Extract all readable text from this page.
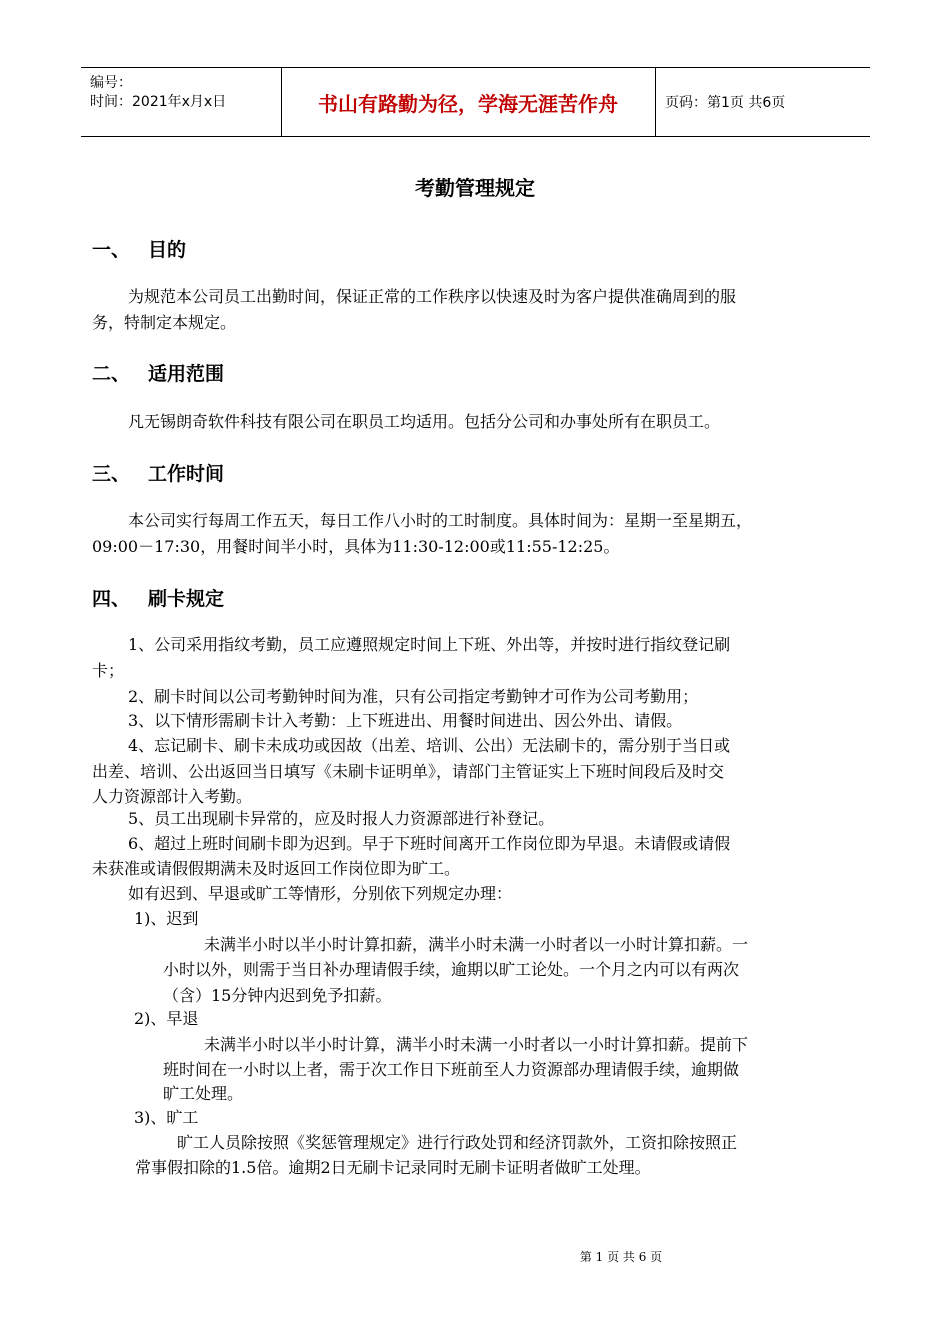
编号：
时间：2021年x月x日	书山有路勤为径，学海无涯苦作舟	页码：第1页 共6页
考勤管理规定
一、 目的
为规范本公司员工出勤时间，保证正常的工作秩序以快速及时为客户提供准确周到的服
务，特制定本规定。
二、 适用范围
凡无锡朗奇软件科技有限公司在职员工均适用。包括分公司和办事处所有在职员工。
三、 工作时间
本公司实行每周工作五天，每日工作八小时的工时制度。具体时间为：星期一至星期五，
09:00－17:30，用餐时间半小时，具体为11:30-12:00或11:55-12:25。
四、 刷卡规定
1、公司采用指纹考勤，员工应遵照规定时间上下班、外出等，并按时进行指纹登记刷
卡；
2、刷卡时间以公司考勤钟时间为准，只有公司指定考勤钟才可作为公司考勤用；
3、以下情形需刷卡计入考勤：上下班进出、用餐时间进出、因公外出、请假。
4、忘记刷卡、刷卡未成功或因故（出差、培训、公出）无法刷卡的，需分别于当日或
出差、培训、公出返回当日填写《未刷卡证明单》，请部门主管证实上下班时间段后及时交
人力资源部计入考勤。
5、员工出现刷卡异常的，应及时报人力资源部进行补登记。
6、超过上班时间刷卡即为迟到。早于下班时间离开工作岗位即为早退。未请假或请假
未获准或请假假期满未及时返回工作岗位即为旷工。
如有迟到、早退或旷工等情形，分别依下列规定办理：
1)、迟到
未满半小时以半小时计算扣薪，满半小时未满一小时者以一小时计算扣薪。一
小时以外，则需于当日补办理请假手续，逾期以旷工论处。一个月之内可以有两次
（含）15分钟内迟到免予扣薪。
2)、早退
未满半小时以半小时计算，满半小时未满一小时者以一小时计算扣薪。提前下
班时间在一小时以上者，需于次工作日下班前至人力资源部办理请假手续，逾期做
旷工处理。
3)、旷工
旷工人员除按照《奖惩管理规定》进行行政处罚和经济罚款外，工资扣除按照正
常事假扣除的1.5倍。逾期2日无刷卡记录同时无刷卡证明者做旷工处理。
第 1 页 共 6 页
